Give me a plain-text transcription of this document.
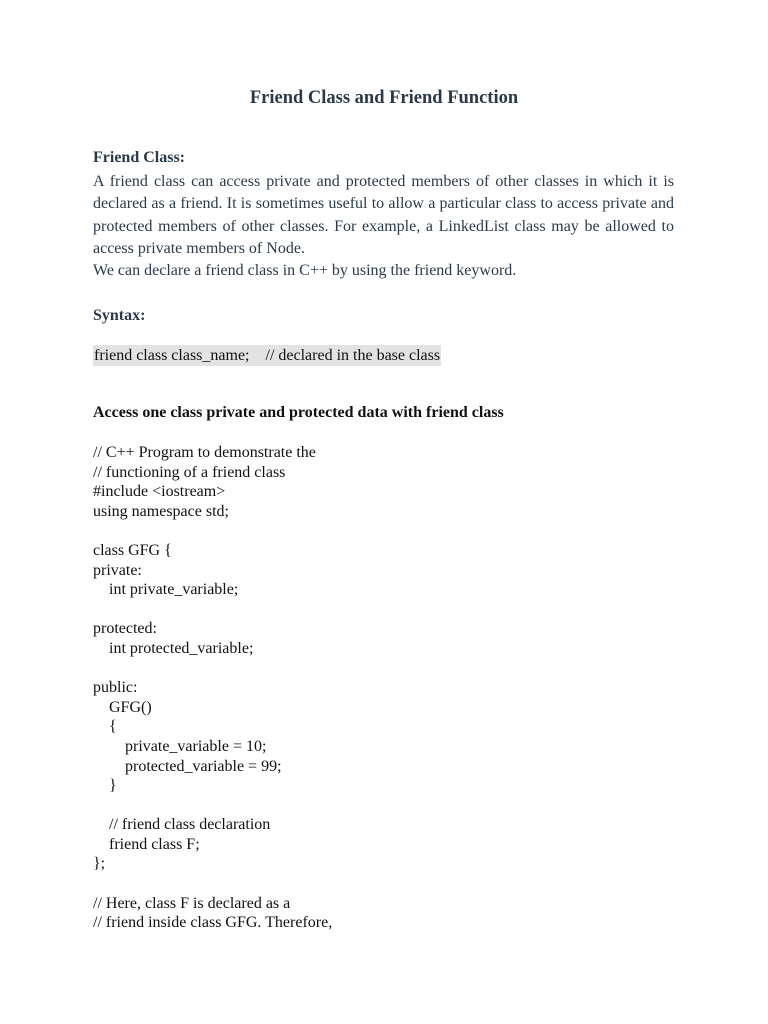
Friend Class and Friend Function
Friend Class:
A friend class can access private and protected members of other classes in which it is declared as a friend. It is sometimes useful to allow a particular class to access private and protected members of other classes. For example, a LinkedList class may be allowed to access private members of Node.
We can declare a friend class in C++ by using the friend keyword.
Syntax:
friend class class_name;    // declared in the base class
Access one class private and protected data with friend class
// C++ Program to demonstrate the
// functioning of a friend class
#include <iostream>
using namespace std;
class GFG {
private:
int private_variable;
protected:
int protected_variable;
public:
GFG()
{
private_variable = 10;
protected_variable = 99;
}
// friend class declaration
friend class F;
};
// Here, class F is declared as a
// friend inside class GFG. Therefore,
